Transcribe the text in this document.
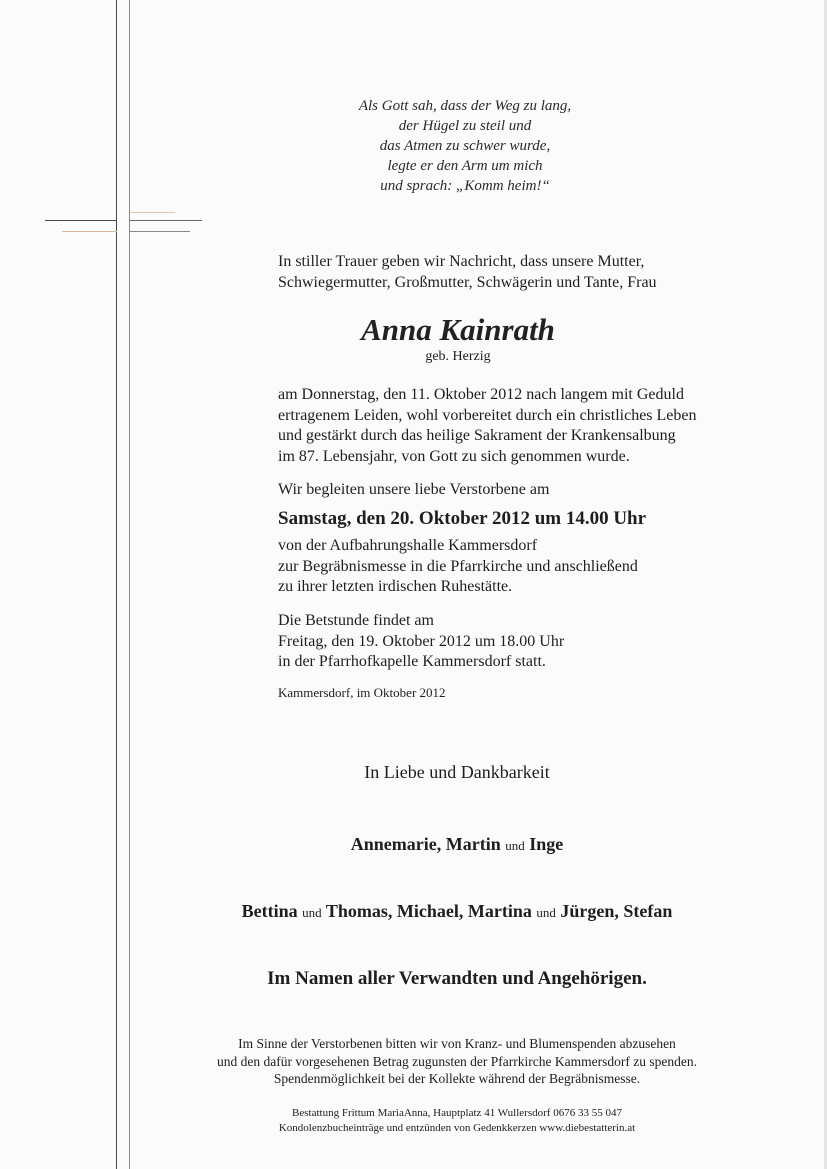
Als Gott sah, dass der Weg zu lang,
der Hügel zu steil und
das Atmen zu schwer wurde,
legte er den Arm um mich
und sprach: „Komm heim!“
In stiller Trauer geben wir Nachricht, dass unsere Mutter,
Schwiegermutter, Großmutter, Schwägerin und Tante, Frau
Anna Kainrath
geb. Herzig
am Donnerstag, den 11. Oktober 2012 nach langem mit Geduld
ertragenem Leiden, wohl vorbereitet durch ein christliches Leben
und gestärkt durch das heilige Sakrament der Krankensalbung
im 87. Lebensjahr, von Gott zu sich genommen wurde.
Wir begleiten unsere liebe Verstorbene am
Samstag, den 20. Oktober 2012 um 14.00 Uhr
von der Aufbahrungshalle Kammersdorf
zur Begräbnismesse in die Pfarrkirche und anschließend
zu ihrer letzten irdischen Ruhestätte.
Die Betstunde findet am
Freitag, den 19. Oktober 2012 um 18.00 Uhr
in der Pfarrhofkapelle Kammersdorf statt.
Kammersdorf, im Oktober 2012
In Liebe und Dankbarkeit
Annemarie, Martin und Inge
Bettina und Thomas, Michael, Martina und Jürgen, Stefan
Im Namen aller Verwandten und Angehörigen.
Im Sinne der Verstorbenen bitten wir von Kranz- und Blumenspenden abzusehen
und den dafür vorgesehenen Betrag zugunsten der Pfarrkirche Kammersdorf zu spenden.
Spendenmöglichkeit bei der Kollekte während der Begräbnismesse.
Bestattung Frittum MariaAnna, Hauptplatz 41 Wullersdorf 0676 33 55 047
Kondolenzbucheinträge und entzünden von Gedenkkerzen www.diebestatterin.at
